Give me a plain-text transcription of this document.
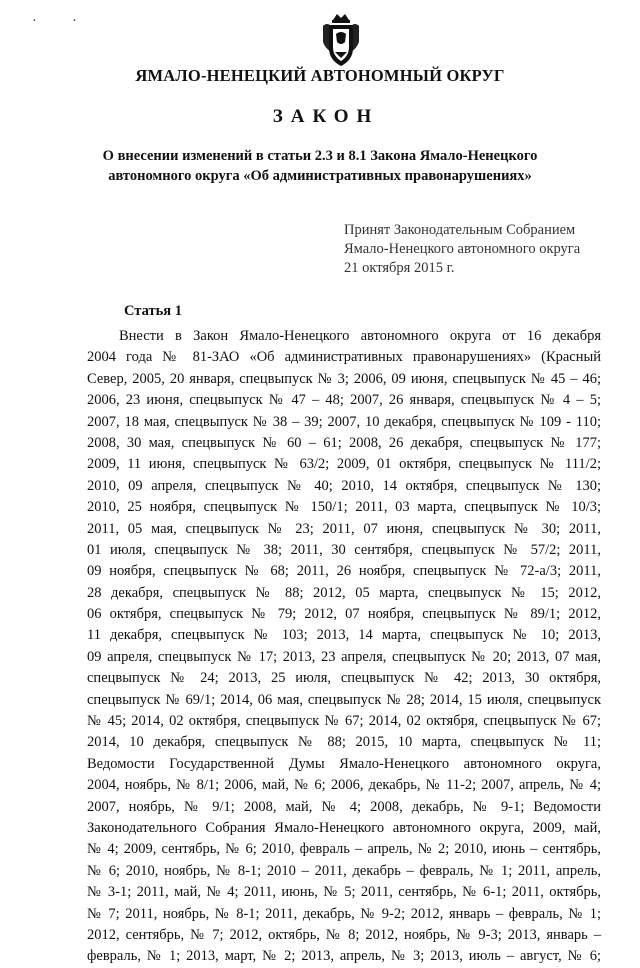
· ·
ЯМАЛО-НЕНЕЦКИЙ АВТОНОМНЫЙ ОКРУГ
ЗАКОН
О внесении изменений в статьи 2.3 и 8.1 Закона Ямало-Ненецкого
автономного округа «Об административных правонарушениях»
Принят Законодательным Собранием
Ямало-Ненецкого автономного округа
21 октября 2015 г.
Статья 1
Внести в Закон Ямало-Ненецкого автономного округа от 16 декабря
2004 года № 81-ЗАО «Об административных правонарушениях» (Красный
Север, 2005, 20 января, спецвыпуск № 3; 2006, 09 июня, спецвыпуск № 45 – 46;
2006, 23 июня, спецвыпуск № 47 – 48; 2007, 26 января, спецвыпуск № 4 – 5;
2007, 18 мая, спецвыпуск № 38 – 39; 2007, 10 декабря, спецвыпуск № 109 - 110;
2008, 30 мая, спецвыпуск № 60 – 61; 2008, 26 декабря, спецвыпуск № 177;
2009, 11 июня, спецвыпуск № 63/2; 2009, 01 октября, спецвыпуск № 111/2;
2010, 09 апреля, спецвыпуск № 40; 2010, 14 октября, спецвыпуск № 130;
2010, 25 ноября, спецвыпуск № 150/1; 2011, 03 марта, спецвыпуск № 10/3;
2011, 05 мая, спецвыпуск № 23; 2011, 07 июня, спецвыпуск № 30; 2011,
01 июля, спецвыпуск № 38; 2011, 30 сентября, спецвыпуск № 57/2; 2011,
09 ноября, спецвыпуск № 68; 2011, 26 ноября, спецвыпуск № 72-а/3; 2011,
28 декабря, спецвыпуск № 88; 2012, 05 марта, спецвыпуск № 15; 2012,
06 октября, спецвыпуск № 79; 2012, 07 ноября, спецвыпуск № 89/1; 2012,
11 декабря, спецвыпуск № 103; 2013, 14 марта, спецвыпуск № 10; 2013,
09 апреля, спецвыпуск № 17; 2013, 23 апреля, спецвыпуск № 20; 2013, 07 мая,
спецвыпуск № 24; 2013, 25 июля, спецвыпуск № 42; 2013, 30 октября,
спецвыпуск № 69/1; 2014, 06 мая, спецвыпуск № 28; 2014, 15 июля, спецвыпуск
№ 45; 2014, 02 октября, спецвыпуск № 67; 2014, 02 октября, спецвыпуск № 67;
2014, 10 декабря, спецвыпуск № 88; 2015, 10 марта, спецвыпуск № 11;
Ведомости Государственной Думы Ямало-Ненецкого автономного округа,
2004, ноябрь, № 8/1; 2006, май, № 6; 2006, декабрь, № 11-2; 2007, апрель, № 4;
2007, ноябрь, № 9/1; 2008, май, № 4; 2008, декабрь, № 9-1; Ведомости
Законодательного Собрания Ямало-Ненецкого автономного округа, 2009, май,
№ 4; 2009, сентябрь, № 6; 2010, февраль – апрель, № 2; 2010, июнь – сентябрь,
№ 6; 2010, ноябрь, № 8-1; 2010 – 2011, декабрь – февраль, № 1; 2011, апрель,
№ 3-1; 2011, май, № 4; 2011, июнь, № 5; 2011, сентябрь, № 6-1; 2011, октябрь,
№ 7; 2011, ноябрь, № 8-1; 2011, декабрь, № 9-2; 2012, январь – февраль, № 1;
2012, сентябрь, № 7; 2012, октябрь, № 8; 2012, ноябрь, № 9-3; 2013, январь –
февраль, № 1; 2013, март, № 2; 2013, апрель, № 3; 2013, июль – август, № 6;
